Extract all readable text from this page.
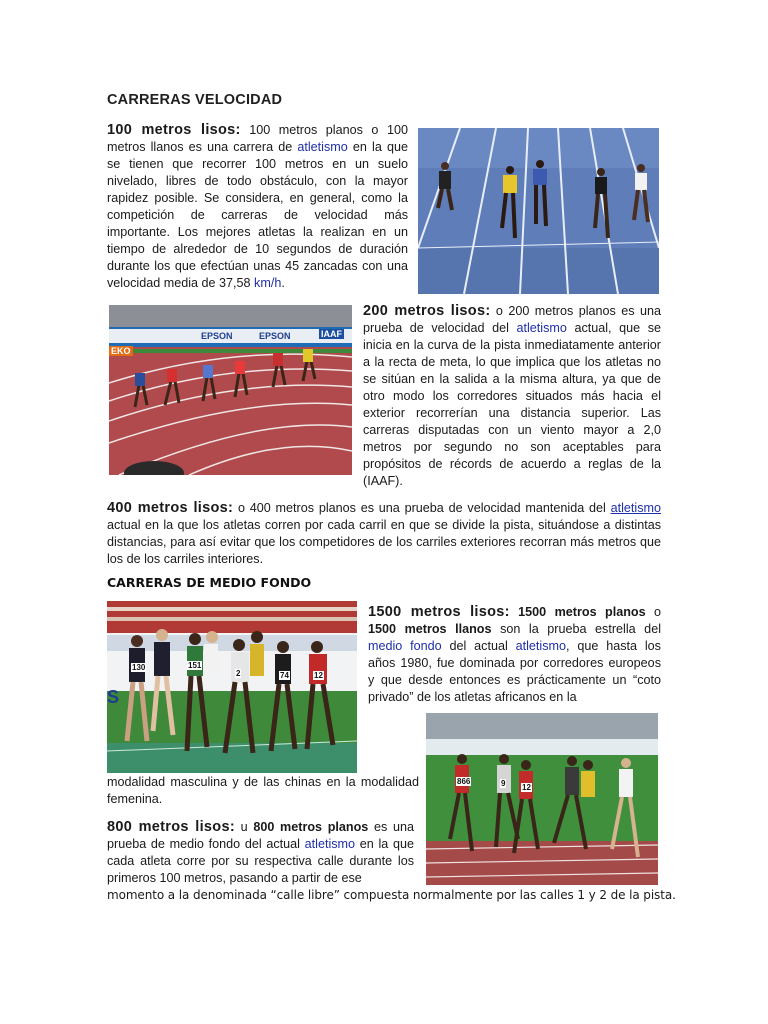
CARRERAS VELOCIDAD
100 metros lisos: 100 metros planos o 100 metros llanos es una carrera de atletismo en la que se tienen que recorrer 100 metros en un suelo nivelado, libres de todo obstáculo, con la mayor rapidez posible. Se considera, en general, como la competición de carreras de velocidad más importante. Los mejores atletas la realizan en un tiempo de alrededor de 10 segundos de duración durante los que efectúan unas 45 zancadas con una velocidad media de 37,58 km/h.
EKO
EPSON	EPSON	IAAF
200 metros lisos: o 200 metros planos es una prueba de velocidad del atletismo actual, que se inicia en la curva de la pista inmediatamente anterior a la recta de meta, lo que implica que los atletas no se sitúan en la salida a la misma altura, ya que de otro modo los corredores situados más hacia el exterior recorrerían una distancia superior. Las carreras disputadas con un viento mayor a 2,0 metros por segundo no son aceptables para propósitos de récords de acuerdo a reglas de la (IAAF).
400 metros lisos: o 400 metros planos es una prueba de velocidad mantenida del atletismo actual en la que los atletas corren por cada carril en que se divide la pista, situándose a distintas distancias, para así evitar que los competidores de los carriles exteriores recorran más metros que los de los carriles interiores.
CARRERAS DE MEDIO FONDO
S
130	151
2	74	12
1500 metros lisos: 1500 metros planos o 1500 metros llanos son la prueba estrella del medio fondo del actual atletismo, que hasta los años 1980, fue dominada por corredores europeos y que desde entonces es prácticamente un “coto privado” de los atletas africanos en la
866	9 12
modalidad masculina y de las chinas en la modalidad femenina.
800 metros lisos: u 800 metros planos es una prueba de medio fondo del actual atletismo en la que cada atleta corre por su respectiva calle durante los primeros 100 metros, pasando a partir de ese
momento a la denominada “calle libre” compuesta normalmente por las calles 1 y 2 de la pista.
